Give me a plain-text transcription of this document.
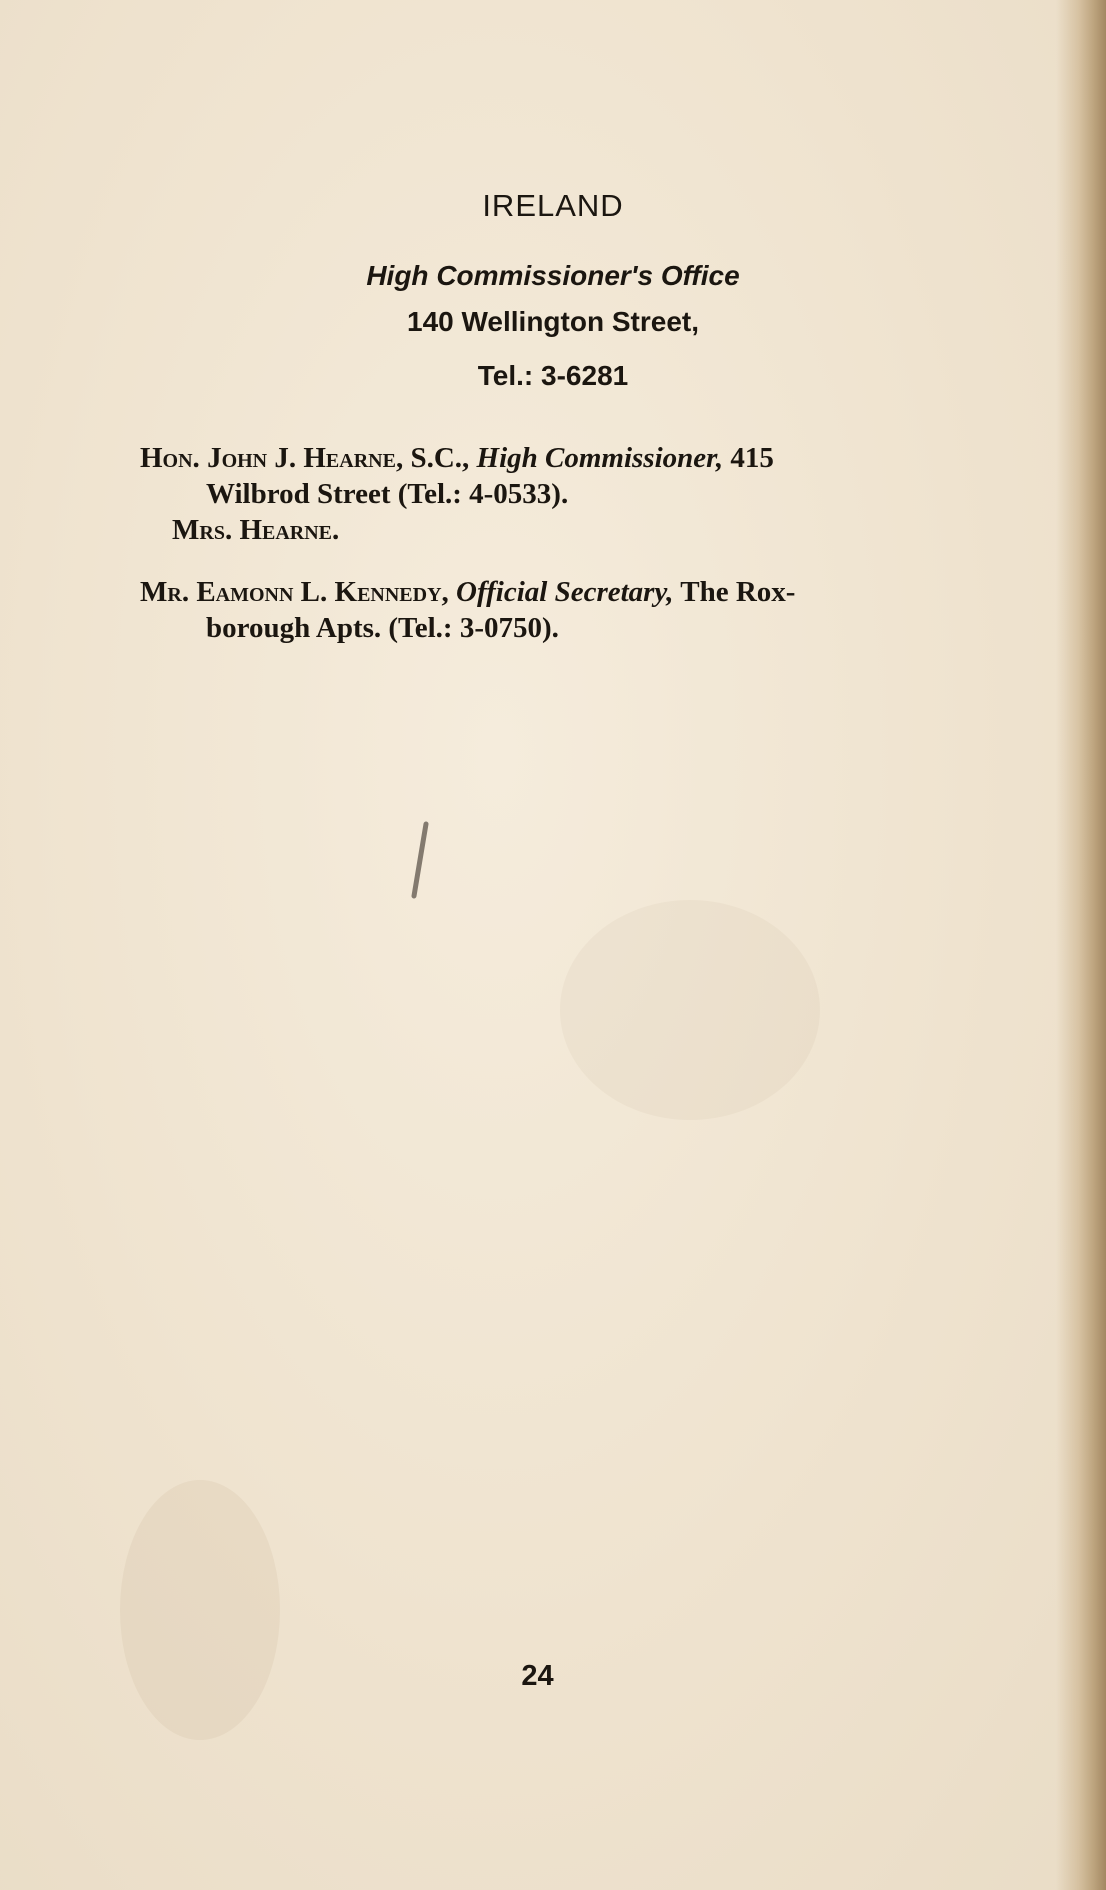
IRELAND
High Commissioner's Office
140 Wellington Street,
Tel.: 3-6281
Hon. John J. Hearne, S.C., High Commissioner, 415
Wilbrod Street (Tel.: 4-0533).
Mrs. Hearne.
Mr. Eamonn L. Kennedy, Official Secretary, The Rox-
borough Apts. (Tel.: 3-0750).
24
